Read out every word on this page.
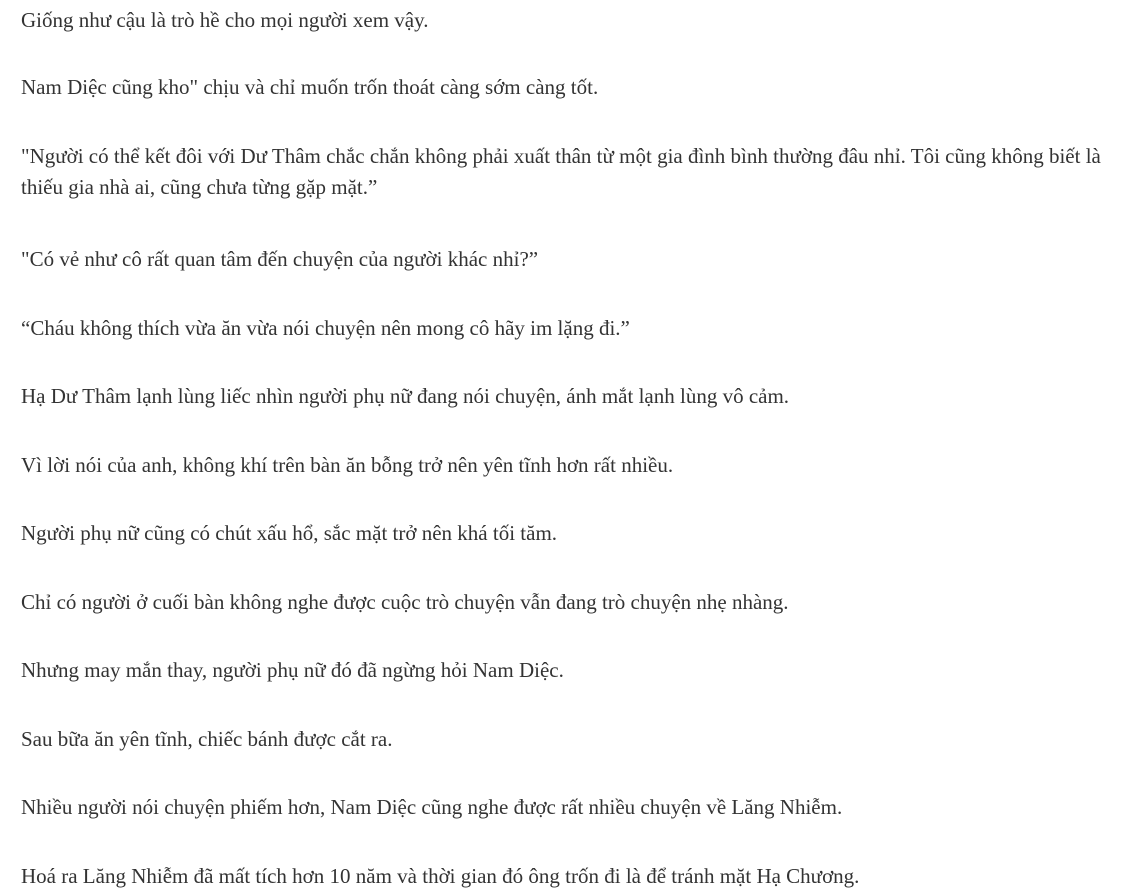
Giống như cậu là trò hề cho mọi người xem vậy.

Nam Diệc cũng kho" chịu và chỉ muốn trốn thoát càng sớm càng tốt.

"Người có thể kết đôi với Dư Thâm chắc chắn không phải xuất thân từ một gia đình bình thường đâu nhỉ. Tôi cũng không biết là thiếu gia nhà ai, cũng chưa từng gặp mặt.”

"Có vẻ như cô rất quan tâm đến chuyện của người khác nhỉ?”

“Cháu không thích vừa ăn vừa nói chuyện nên mong cô hãy im lặng đi.”

Hạ Dư Thâm lạnh lùng liếc nhìn người phụ nữ đang nói chuyện, ánh mắt lạnh lùng vô cảm.

Vì lời nói của anh, không khí trên bàn ăn bỗng trở nên yên tĩnh hơn rất nhiều.

Người phụ nữ cũng có chút xấu hổ, sắc mặt trở nên khá tối tăm.

Chỉ có người ở cuối bàn không nghe được cuộc trò chuyện vẫn đang trò chuyện nhẹ nhàng.

Nhưng may mắn thay, người phụ nữ đó đã ngừng hỏi Nam Diệc.

Sau bữa ăn yên tĩnh, chiếc bánh được cắt ra.

Nhiều người nói chuyện phiếm hơn, Nam Diệc cũng nghe được rất nhiều chuyện về Lăng Nhiễm.

Hoá ra Lăng Nhiễm đã mất tích hơn 10 năm và thời gian đó ông trốn đi là để tránh mặt Hạ Chương.
